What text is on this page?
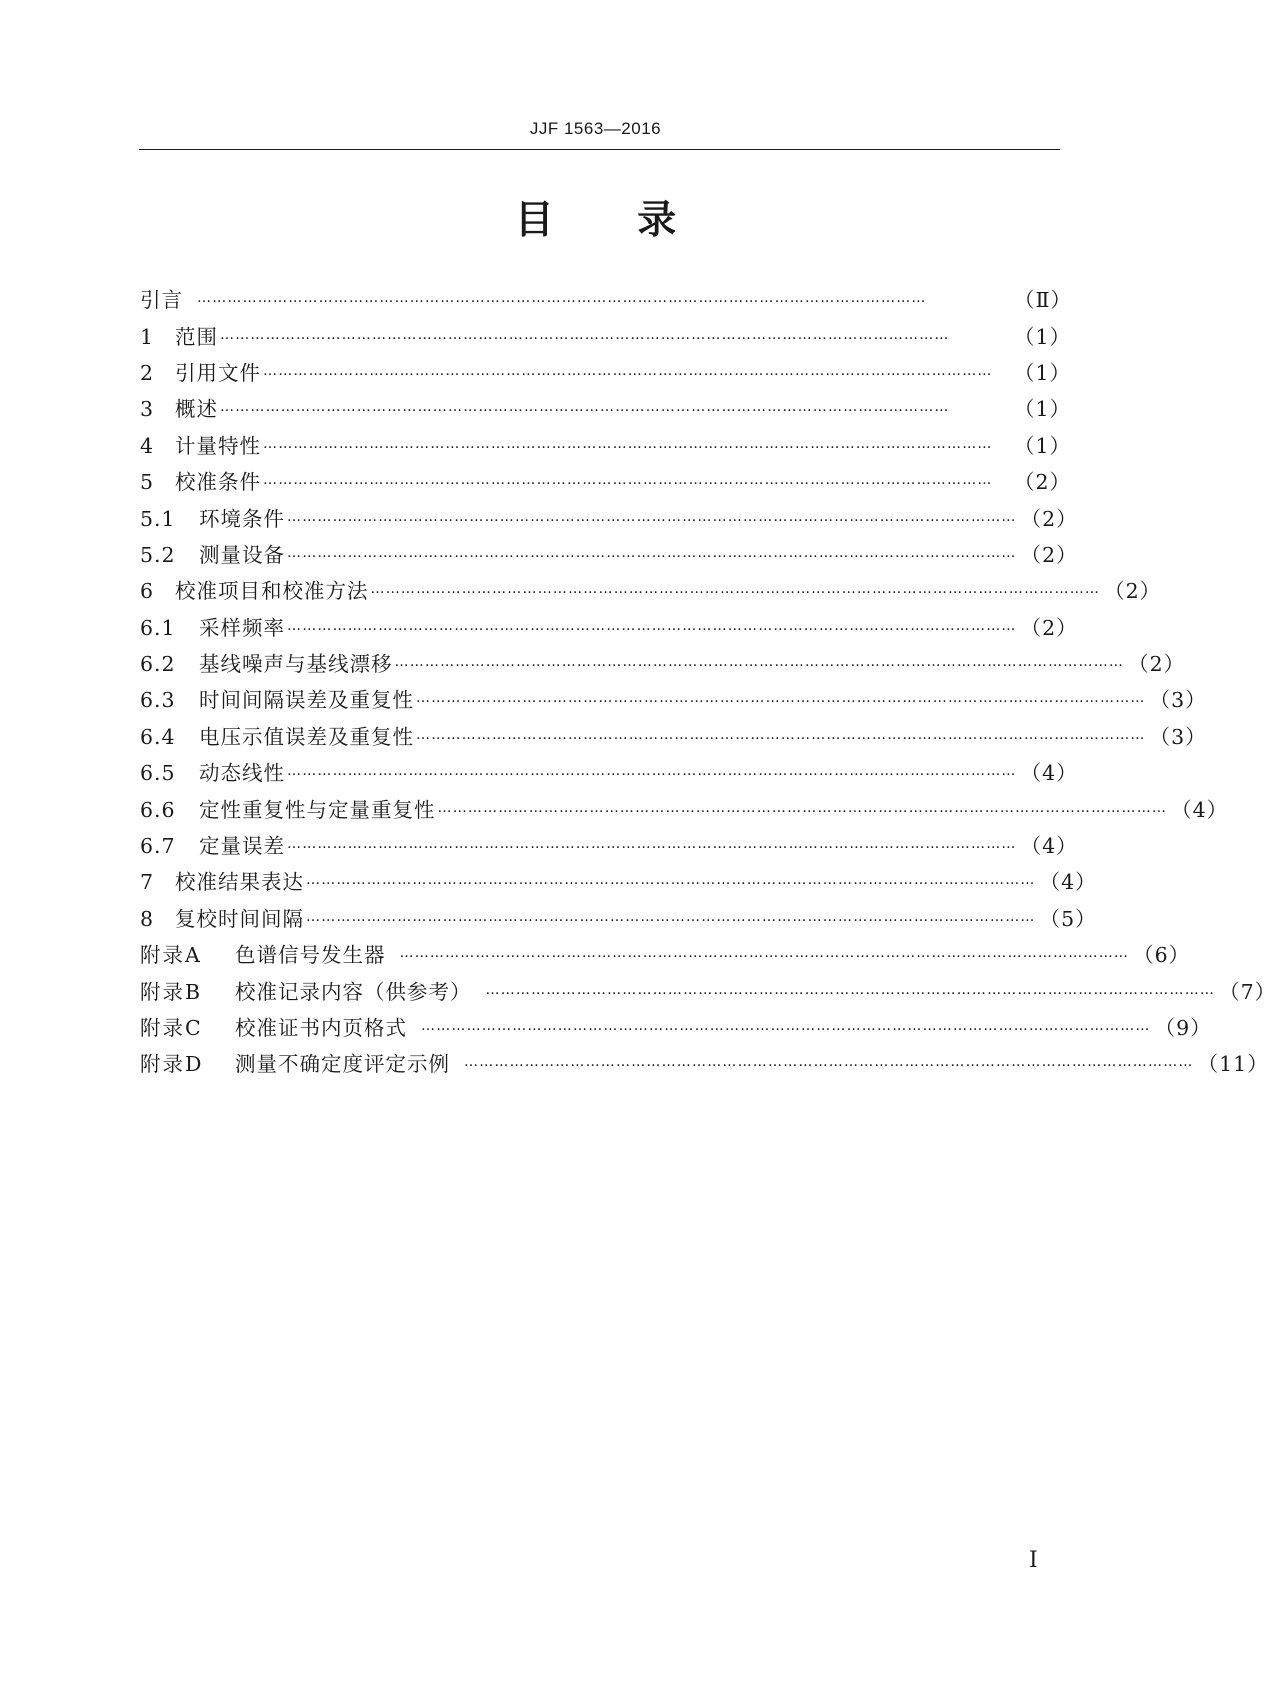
JJF 1563—2016
目 录
引言	………………………………………………………………………………………………………………………………	（Ⅱ）
1 范围 ………………………………………………………………………………………………………………………………	（1）
2 引用文件 ………………………………………………………………………………………………………………………………	（1）
3 概述 ………………………………………………………………………………………………………………………………	（1）
4 计量特性 ………………………………………………………………………………………………………………………………	（1）
5 校准条件 ………………………………………………………………………………………………………………………………	（2）
5.1 环境条件 ……………………………………………………………………………………………………………………………… （2）
5.2 测量设备 ……………………………………………………………………………………………………………………………… （2）
6 校准项目和校准方法 ……………………………………………………………………………………………………………………………… （2）
6.1 采样频率 ……………………………………………………………………………………………………………………………… （2）
6.2 基线噪声与基线漂移 ……………………………………………………………………………………………………………………………… （2）
6.3 时间间隔误差及重复性 ……………………………………………………………………………………………………………………………… （3）
6.4 电压示值误差及重复性 ……………………………………………………………………………………………………………………………… （3）
6.5 动态线性 ……………………………………………………………………………………………………………………………… （4）
6.6 定性重复性与定量重复性 ……………………………………………………………………………………………………………………………… （4）
6.7 定量误差 ……………………………………………………………………………………………………………………………… （4）
7 校准结果表达 ……………………………………………………………………………………………………………………………… （4）
8 复校时间间隔 ……………………………………………………………………………………………………………………………… （5）
附录A 色谱信号发生器	……………………………………………………………………………………………………………………………… （6）
附录B 校准记录内容（供参考）	……………………………………………………………………………………………………………………………… （7）
附录C 校准证书内页格式	……………………………………………………………………………………………………………………………… （9）
附录D 测量不确定度评定示例	……………………………………………………………………………………………………………………………… （11）
I
